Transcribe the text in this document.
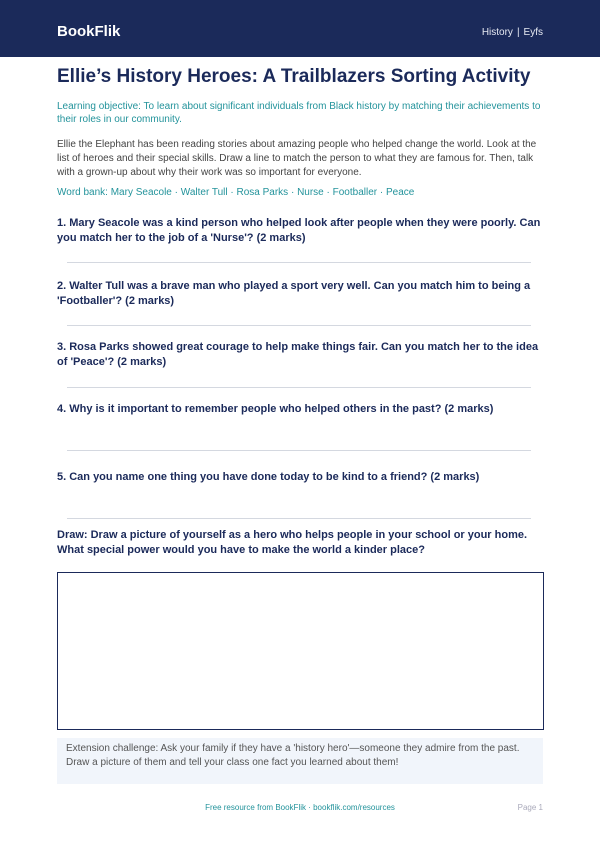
BookFlik	History | Eyfs
Ellie’s History Heroes: A Trailblazers Sorting Activity

Learning objective: To learn about significant individuals from Black history by matching their achievements to their roles in our community.

Ellie the Elephant has been reading stories about amazing people who helped change the world. Look at the list of heroes and their special skills. Draw a line to match the person to what they are famous for. Then, talk with a grown-up about why their work was so important for everyone.

Word bank: Mary Seacole · Walter Tull · Rosa Parks · Nurse · Footballer · Peace

1. Mary Seacole was a kind person who helped look after people when they were poorly. Can you match her to the job of a 'Nurse'? (2 marks)
2. Walter Tull was a brave man who played a sport very well. Can you match him to being a 'Footballer'? (2 marks)
3. Rosa Parks showed great courage to help make things fair. Can you match her to the idea of 'Peace'? (2 marks)
4. Why is it important to remember people who helped others in the past? (2 marks)
5. Can you name one thing you have done today to be kind to a friend? (2 marks)
Draw: Draw a picture of yourself as a hero who helps people in your school or your home. What special power would you have to make the world a kinder place?
Extension challenge: Ask your family if they have a 'history hero'—someone they admire from the past. Draw a picture of them and tell your class one fact you learned about them!
Free resource from BookFlik · bookflik.com/resources	Page 1
